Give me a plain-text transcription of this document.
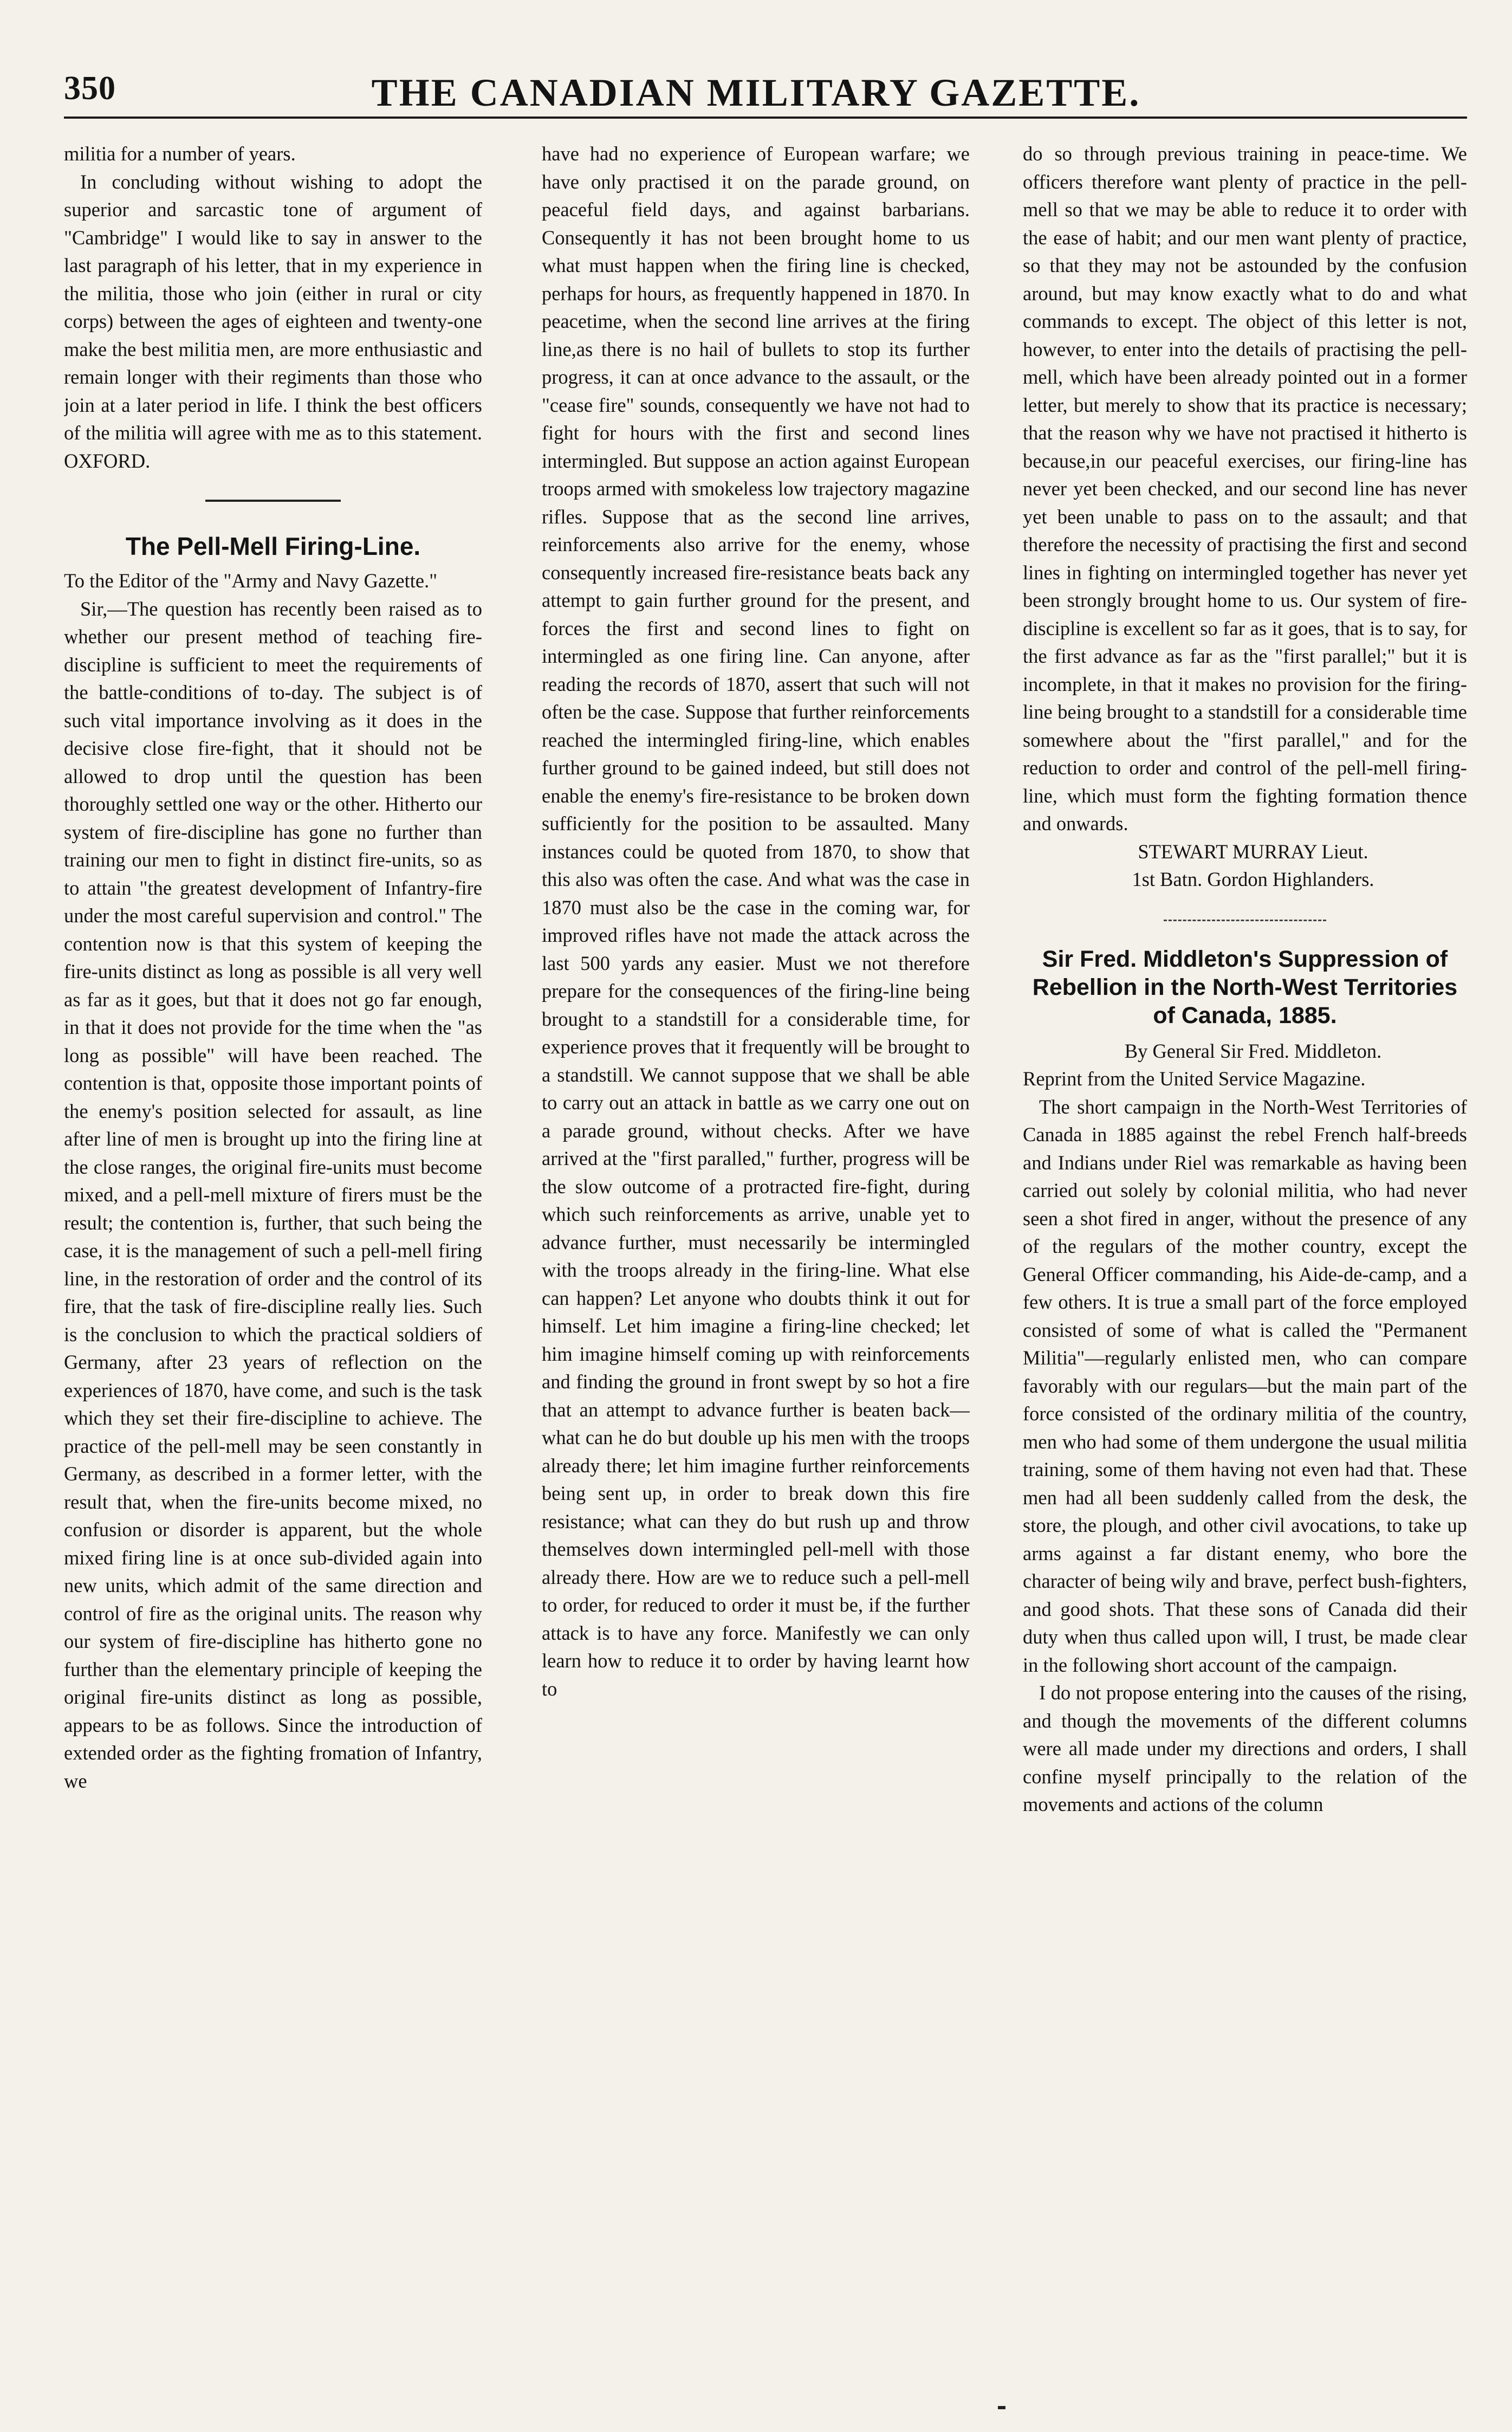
350	THE CANADIAN MILITARY GAZETTE.

militia for a number of years.

In concluding without wishing to adopt the superior and sarcastic tone of argument of "Cambridge" I would like to say in answer to the last paragraph of his letter, that in my experience in the militia, those who join (either in rural or city corps) between the ages of eighteen and twenty-one make the best militia men, are more enthusiastic and remain longer with their regiments than those who join at a later period in life. I think the best officers of the militia will agree with me as to this statement. OXFORD.

The Pell-Mell Firing-Line.

To the Editor of the "Army and Navy Gazette."

Sir,—The question has recently been raised as to whether our present method of teaching fire-discipline is sufficient to meet the requirements of the battle-conditions of to-day. The subject is of such vital importance involving as it does in the decisive close fire-fight, that it should not be allowed to drop until the question has been thoroughly settled one way or the other. Hitherto our system of fire-discipline has gone no further than training our men to fight in distinct fire-units, so as to attain "the greatest development of Infantry-fire under the most careful supervision and control." The contention now is that this system of keeping the fire-units distinct as long as possible is all very well as far as it goes, but that it does not go far enough, in that it does not provide for the time when the "as long as possible" will have been reached. The contention is that, opposite those important points of the enemy's position selected for assault, as line after line of men is brought up into the firing line at the close ranges, the original fire-units must become mixed, and a pell-mell mixture of firers must be the result; the contention is, further, that such being the case, it is the management of such a pell-mell firing line, in the restoration of order and the control of its fire, that the task of fire-discipline really lies. Such is the conclusion to which the practical soldiers of Germany, after 23 years of reflection on the experiences of 1870, have come, and such is the task which they set their fire-discipline to achieve. The practice of the pell-mell may be seen constantly in Germany, as described in a former letter, with the result that, when the fire-units become mixed, no confusion or disorder is apparent, but the whole mixed firing line is at once sub-divided again into new units, which admit of the same direction and control of fire as the original units. The reason why our system of fire-discipline has hitherto gone no further than the elementary principle of keeping the original fire-units distinct as long as possible, appears to be as follows. Since the introduction of extended order as the fighting fromation of Infantry, we

have had no experience of European warfare; we have only practised it on the parade ground, on peaceful field days, and against barbarians. Consequently it has not been brought home to us what must happen when the firing line is checked, perhaps for hours, as frequently happened in 1870. In peacetime, when the second line arrives at the firing line,as there is no hail of bullets to stop its further progress, it can at once advance to the assault, or the "cease fire" sounds, consequently we have not had to fight for hours with the first and second lines intermingled. But suppose an action against European troops armed with smokeless low trajectory magazine rifles. Suppose that as the second line arrives, reinforcements also arrive for the enemy, whose consequently increased fire-resistance beats back any attempt to gain further ground for the present, and forces the first and second lines to fight on intermingled as one firing line. Can anyone, after reading the records of 1870, assert that such will not often be the case. Suppose that further reinforcements reached the intermingled firing-line, which enables further ground to be gained indeed, but still does not enable the enemy's fire-resistance to be broken down sufficiently for the position to be assaulted. Many instances could be quoted from 1870, to show that this also was often the case. And what was the case in 1870 must also be the case in the coming war, for improved rifles have not made the attack across the last 500 yards any easier. Must we not therefore prepare for the consequences of the firing-line being brought to a standstill for a considerable time, for experience proves that it frequently will be brought to a standstill. We cannot suppose that we shall be able to carry out an attack in battle as we carry one out on a parade ground, without checks. After we have arrived at the "first paralled," further, progress will be the slow outcome of a protracted fire-fight, during which such reinforcements as arrive, unable yet to advance further, must necessarily be intermingled with the troops already in the firing-line. What else can happen? Let anyone who doubts think it out for himself. Let him imagine a firing-line checked; let him imagine himself coming up with reinforcements and finding the ground in front swept by so hot a fire that an attempt to advance further is beaten back—what can he do but double up his men with the troops already there; let him imagine further reinforcements being sent up, in order to break down this fire resistance; what can they do but rush up and throw themselves down intermingled pell-mell with those already there. How are we to reduce such a pell-mell to order, for reduced to order it must be, if the further attack is to have any force. Manifestly we can only learn how to reduce it to order by having learnt how to

do so through previous training in peace-time. We officers therefore want plenty of practice in the pell-mell so that we may be able to reduce it to order with the ease of habit; and our men want plenty of practice, so that they may not be astounded by the confusion around, but may know exactly what to do and what commands to except. The object of this letter is not, however, to enter into the details of practising the pell-mell, which have been already pointed out in a former letter, but merely to show that its practice is necessary; that the reason why we have not practised it hitherto is because,in our peaceful exercises, our firing-line has never yet been checked, and our second line has never yet been unable to pass on to the assault; and that therefore the necessity of practising the first and second lines in fighting on intermingled together has never yet been strongly brought home to us. Our system of fire-discipline is excellent so far as it goes, that is to say, for the first advance as far as the "first parallel;" but it is incomplete, in that it makes no provision for the firing-line being brought to a standstill for a considerable time somewhere about the "first parallel," and for the reduction to order and control of the pell-mell firing-line, which must form the fighting formation thence and onwards.

STEWART MURRAY Lieut.

1st Batn. Gordon Highlanders.

Sir Fred. Middleton's Suppression of Rebellion in the North-West Territories of Canada, 1885.

By General Sir Fred. Middleton.

Reprint from the United Service Magazine.

The short campaign in the North-West Territories of Canada in 1885 against the rebel French half-breeds and Indians under Riel was remarkable as having been carried out solely by colonial militia, who had never seen a shot fired in anger, without the presence of any of the regulars of the mother country, except the General Officer commanding, his Aide-de-camp, and a few others. It is true a small part of the force employed consisted of some of what is called the "Permanent Militia"—regularly enlisted men, who can compare favorably with our regulars—but the main part of the force consisted of the ordinary militia of the country, men who had some of them undergone the usual militia training, some of them having not even had that. These men had all been suddenly called from the desk, the store, the plough, and other civil avocations, to take up arms against a far distant enemy, who bore the character of being wily and brave, perfect bush-fighters, and good shots. That these sons of Canada did their duty when thus called upon will, I trust, be made clear in the following short account of the campaign.

I do not propose entering into the causes of the rising, and though the movements of the different columns were all made under my directions and orders, I shall confine myself principally to the relation of the movements and actions of the column
